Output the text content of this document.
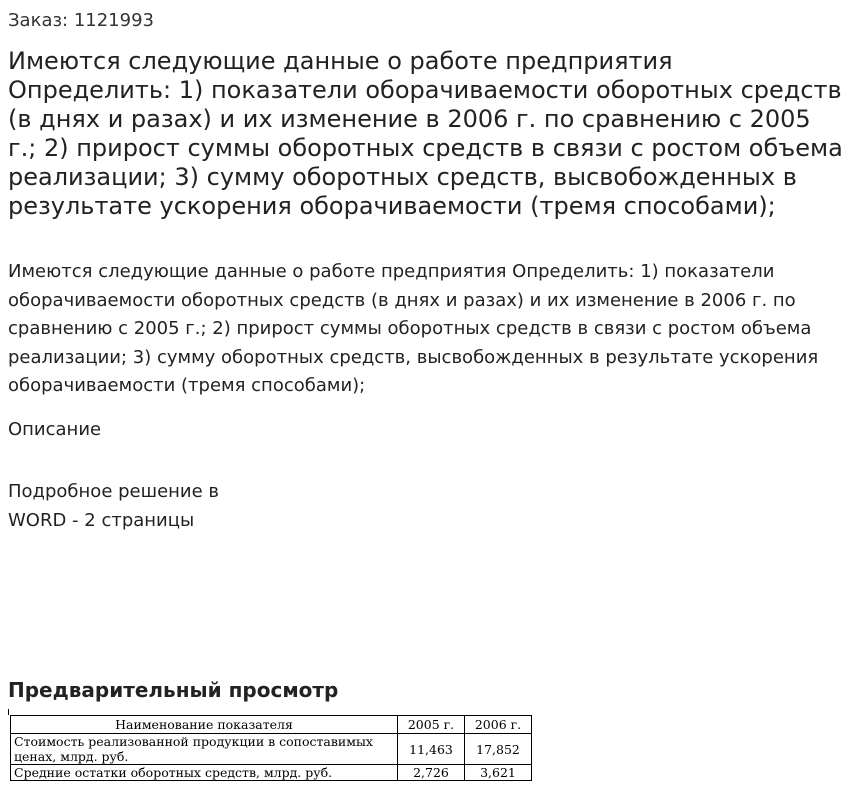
Заказ: 1121993
Имеются следующие данные о работе предприятия Определить: 1) показатели оборачиваемости оборотных средств (в днях и разах) и их изменение в 2006 г. по сравнению с 2005 г.; 2) прирост суммы оборотных средств в связи с ростом объема реализации; 3) сумму оборотных средств, высвобожденных в результате ускорения оборачиваемости (тремя способами);

Имеются следующие данные о работе предприятия Определить: 1) показатели оборачиваемости оборотных средств (в днях и разах) и их изменение в 2006 г. по сравнению с 2005 г.; 2) прирост суммы оборотных средств в связи с ростом объема реализации; 3) сумму оборотных средств, высвобожденных в результате ускорения оборачиваемости (тремя способами);

Описание
Подробное решение в WORD - 2 страницы
Предварительный просмотр
Наименование показателя	2005 г.	2006 г.
Стоимость реализованной продукции в сопоставимых ценах, млрд. руб.	11,463	17,852
Средние остатки оборотных средств, млрд. руб.	2,726	3,621
